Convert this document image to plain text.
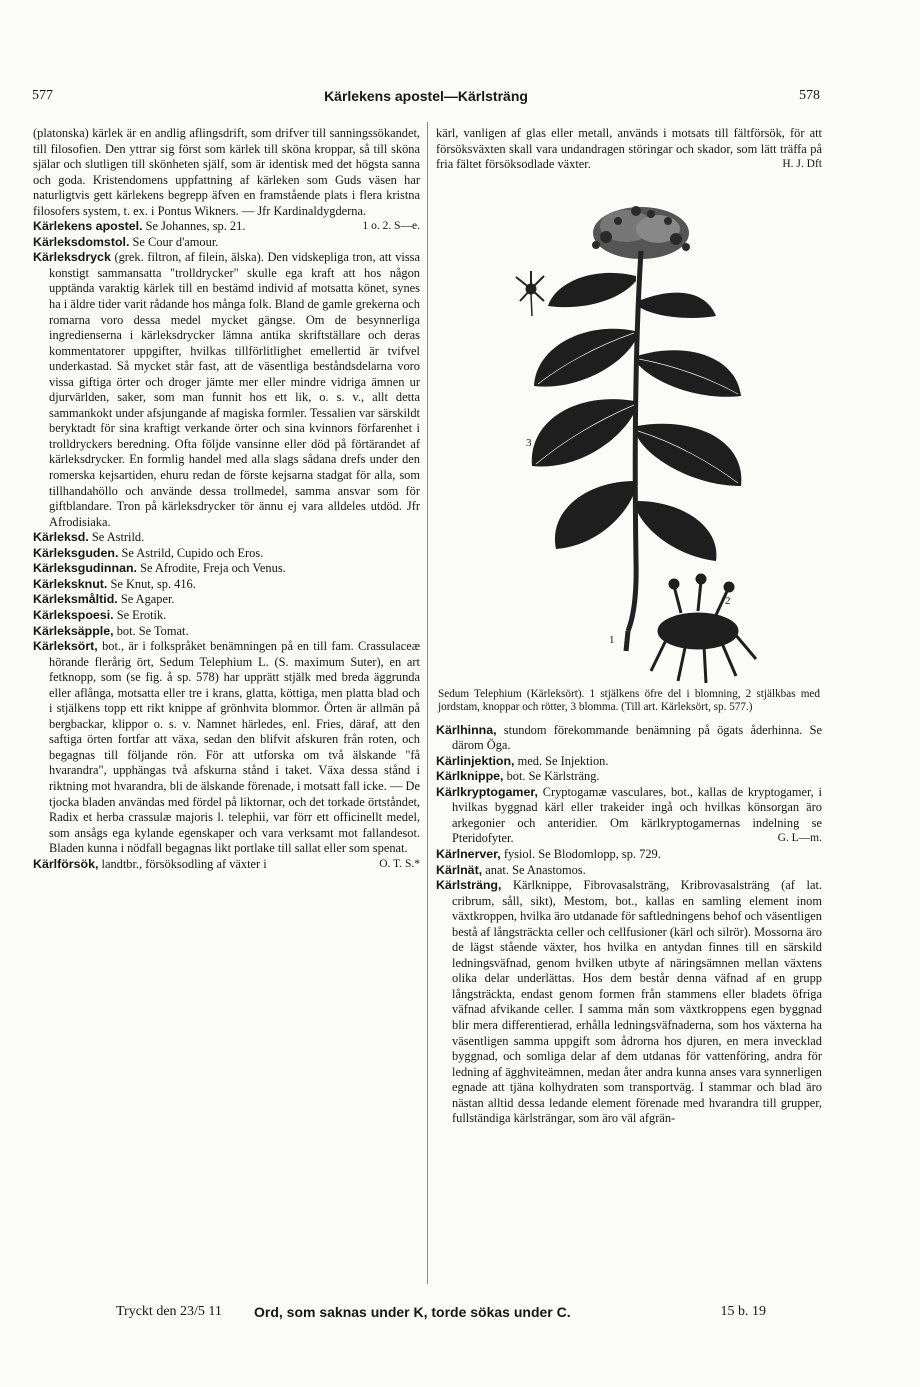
577	Kärlekens apostel—Kärlsträng	578

(platonska) kärlek är en andlig aflingsdrift, som drifver till sanningssökandet, till filosofien. Den yttrar sig först som kärlek till sköna kroppar, så till sköna själar och slutligen till skönheten själf, som är identisk med det högsta sanna och goda. Kristendomens uppfattning af kärleken som Guds väsen har naturligtvis gett kärlekens begrepp äfven en framstående plats i flera kristna filosofers system, t. ex. i Pontus Wikners. — Jfr Kardinaldygderna.
1 o. 2. S—e.

Kärlekens apostel. Se Johannes, sp. 21.

Kärleksdomstol. Se Cour d'amour.

Kärleksdryck (grek. filtron, af filein, älska). Den vidskepliga tron, att vissa konstigt sammansatta "trolldrycker" skulle ega kraft att hos någon upptända varaktig kärlek till en bestämd individ af motsatta könet, synes ha i äldre tider varit rådande hos många folk. Bland de gamle grekerna och romarna voro dessa medel mycket gängse. Om de besynnerliga ingredienserna i kärleksdrycker lämna antika skriftställare och deras kommentatorer uppgifter, hvilkas tillförlitlighet emellertid är tvifvel underkastad. Så mycket står fast, att de väsentliga beståndsdelarna voro vissa giftiga örter och droger jämte mer eller mindre vidriga ämnen ur djurvärlden, saker, som man funnit hos ett lik, o. s. v., allt detta sammankokt under afsjungande af magiska formler. Tessalien var särskildt beryktadt för sina kraftigt verkande örter och sina kvinnors förfarenhet i trolldryckers beredning. Ofta följde vansinne eller död på förtärandet af kärleksdrycker. En formlig handel med alla slags sådana drefs under den romerska kejsartiden, ehuru redan de förste kejsarna stadgat för alla, som tillhandahöllo och använde dessa trollmedel, samma ansvar som för giftblandare. Tron på kärleksdrycker tör ännu ej vara alldeles utdöd. Jfr Afrodisiaka.

Kärleksd. Se Astrild.

Kärleksguden. Se Astrild, Cupido och Eros.

Kärleksgudinnan. Se Afrodite, Freja och Venus.

Kärleksknut. Se Knut, sp. 416.

Kärleksmåltid. Se Agaper.

Kärlekspoesi. Se Erotik.

Kärleksäpple, bot. Se Tomat.

Kärleksört, bot., är i folkspråket benämningen på en till fam. Crassulaceæ hörande flerårig ört, Sedum Telephium L. (S. maximum Suter), en art fetknopp, som (se fig. å sp. 578) har upprätt stjälk med breda äggrunda eller aflånga, motsatta eller tre i krans, glatta, köttiga, men platta blad och i stjälkens topp ett rikt knippe af grönhvita blommor. Örten är allmän på bergbackar, klippor o. s. v. Namnet härledes, enl. Fries, däraf, att den saftiga örten fortfar att växa, sedan den blifvit afskuren från roten, och begagnas till följande rön. För att utforska om två älskande "få hvarandra", upphängas två afskurna stånd i taket. Växa dessa stånd i riktning mot hvarandra, bli de älskande förenade, i motsatt fall icke. — De tjocka bladen användas med fördel på liktornar, och det torkade örtståndet, Radix et herba crassulæ majoris l. telephii, var förr ett officinellt medel, som ansågs ega kylande egenskaper och vara verksamt mot fallandesot. Bladen kunna i nödfall begagnas likt portlake till sallat eller som spenat.
O. T. S.*

Kärlförsök, landtbr., försöksodling af växter i

kärl, vanligen af glas eller metall, används i motsats till fältförsök, för att försöksväxten skall vara undandragen störingar och skador, som lätt träffa på fria fältet försöksodlade växter.	H. J. Dft

3
2
1

Sedum Telephium (Kärleksört). 1 stjälkens öfre del i blomning, 2 stjälkbas med jordstam, knoppar och rötter, 3 blomma. (Till art. Kärleksört, sp. 577.)

Kärlhinna, stundom förekommande benämning på ögats åderhinna. Se därom Öga.

Kärlinjektion, med. Se Injektion.

Kärlknippe, bot. Se Kärlsträng.

Kärlkryptogamer, Cryptogamæ vasculares, bot., kallas de kryptogamer, i hvilkas byggnad kärl eller trakeider ingå och hvilkas könsorgan äro arkegonier och anteridier. Om kärlkryptogamernas indelning se Pteridofyter.	G. L—m.

Kärlnerver, fysiol. Se Blodomlopp, sp. 729.

Kärlnät, anat. Se Anastomos.

Kärlsträng, Kärlknippe, Fibrovasalsträng, Kribrovasalsträng (af lat. cribrum, såll, sikt), Mestom, bot., kallas en samling element inom växtkroppen, hvilka äro utdanade för saftledningens behof och väsentligen bestå af långsträckta celler och cellfusioner (kärl och silrör). Mossorna äro de lägst stående växter, hos hvilka en antydan finnes till en särskild ledningsväfnad, genom hvilken utbyte af näringsämnen mellan växtens olika delar underlättas. Hos dem består denna väfnad af en grupp långsträckta, endast genom formen från stammens eller bladets öfriga väfnad afvikande celler. I samma mån som växtkroppens egen byggnad blir mera differentierad, erhålla ledningsväfnaderna, som hos växterna ha väsentligen samma uppgift som ådrorna hos djuren, en mera invecklad byggnad, och somliga delar af dem utdanas för vattenföring, andra för ledning af ägghviteämnen, medan åter andra kunna anses vara synnerligen egnade att tjäna kolhydraten som transportväg. I stammar och blad äro nästan alltid dessa ledande element förenade med hvarandra till grupper, fullständiga kärlsträngar, som äro väl afgrän-

Tryckt den 23/5 11 Ord, som saknas under K, torde sökas under C.	15 b. 19
